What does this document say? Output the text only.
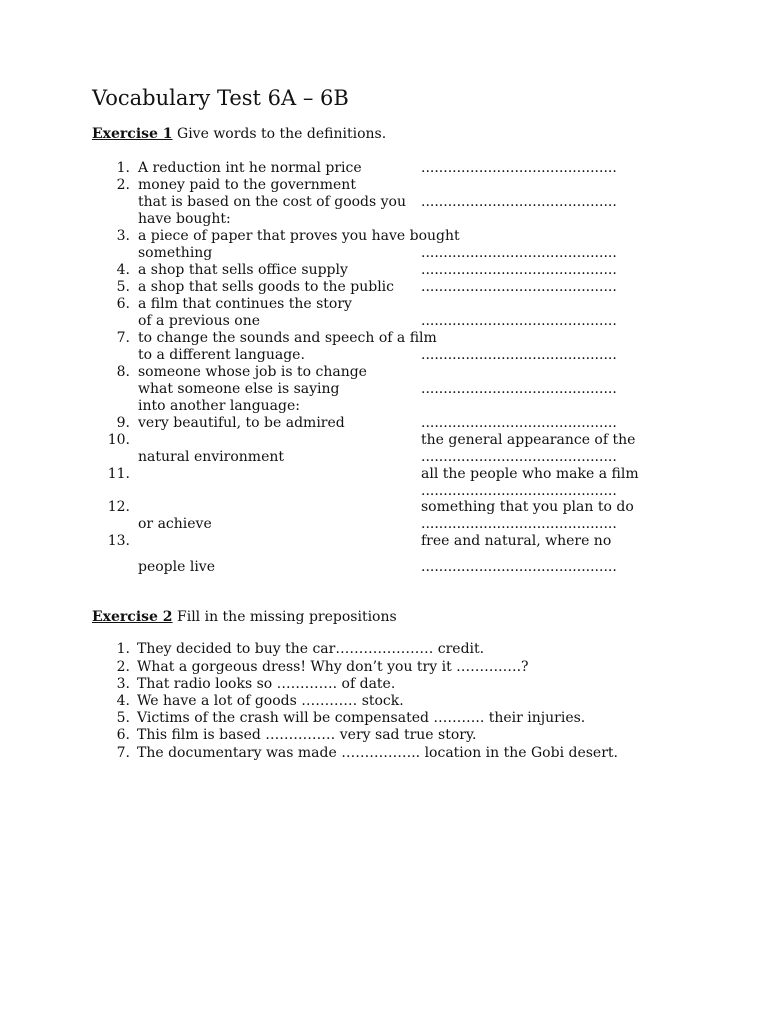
Vocabulary Test 6A – 6B
Exercise 1 Give words to the definitions.
1. A reduction int he normal price	............................................
2. money paid to the government
that is based on the cost of goods you ............................................
have bought:
3. a piece of paper that proves you have bought
something	............................................
4. a shop that sells office supply	............................................
5. a shop that sells goods to the public ............................................
6. a film that continues the story
of a previous one	............................................
7. to change the sounds and speech of a film
to a different language.	............................................
8. someone whose job is to change
what someone else is saying	............................................
into another language:
9. very beautiful, to be admired	............................................
10.	the general appearance of the
natural environment	............................................
11.	all the people who make a film
............................................
12.	something that you plan to do
or achieve	............................................
13.	free and natural, where no
people live	............................................
Exercise 2 Fill in the missing prepositions
1. They decided to buy the car………………… credit.
2. What a gorgeous dress! Why don’t you try it ……….….?
3. That radio looks so …………. of date.
4. We have a lot of goods ………… stock.
5. Victims of the crash will be compensated ……….. their injuries.
6. This film is based …………… very sad true story.
7. The documentary was made …………….. location in the Gobi desert.
